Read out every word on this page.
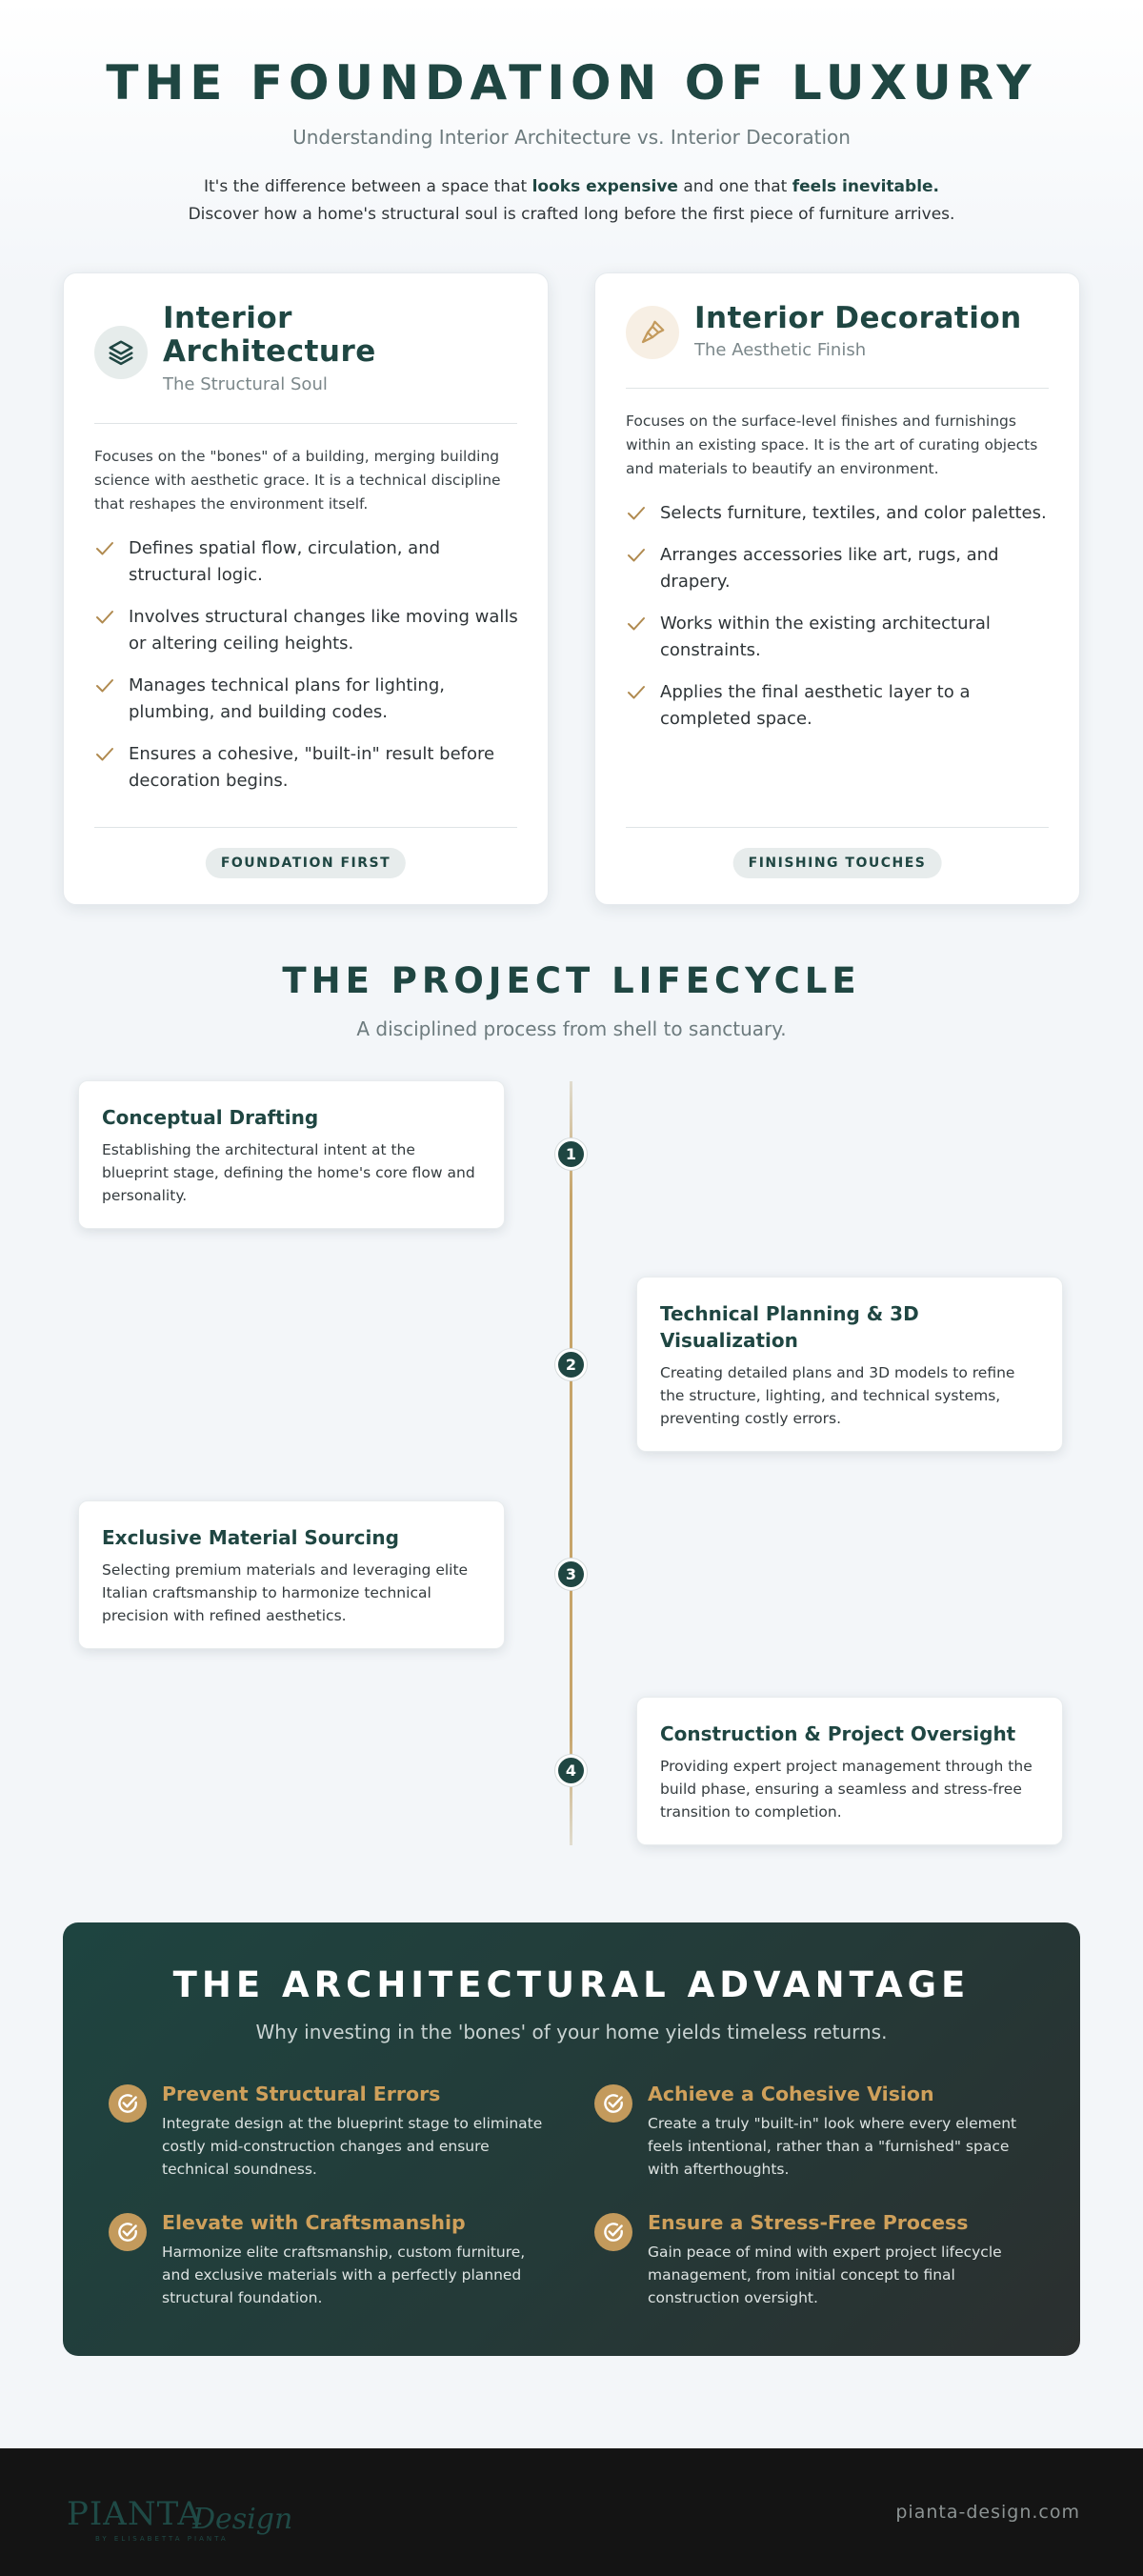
THE FOUNDATION OF LUXURY

Understanding Interior Architecture vs. Interior Decoration

It's the difference between a space that looks expensive and one that feels inevitable.
Discover how a home's structural soul is crafted long before the first piece of furniture arrives.

Interior
Architecture
The Structural Soul

Focuses on the "bones" of a building, merging building science with aesthetic grace. It is a technical discipline that reshapes the environment itself.

Defines spatial flow, circulation, and structural logic.
Involves structural changes like moving walls or altering ceiling heights.
Manages technical plans for lighting, plumbing, and building codes.
Ensures a cohesive, "built-in" result before decoration begins.
FOUNDATION FIRST
Interior Decoration
The Aesthetic Finish

Focuses on the surface-level finishes and furnishings within an existing space. It is the art of curating objects and materials to beautify an environment.

Selects furniture, textiles, and color palettes.
Arranges accessories like art, rugs, and drapery.
Works within the existing architectural constraints.
Applies the final aesthetic layer to a completed space.
FINISHING TOUCHES
THE PROJECT LIFECYCLE

A disciplined process from shell to sanctuary.

Conceptual Drafting
Establishing the architectural intent at the blueprint stage, defining the home's core flow and personality.
1
Technical Planning & 3D Visualization
Creating detailed plans and 3D models to refine the structure, lighting, and technical systems, preventing costly errors.
2
Exclusive Material Sourcing
Selecting premium materials and leveraging elite Italian craftsmanship to harmonize technical precision with refined aesthetics.
3
Construction & Project Oversight
Providing expert project management through the build phase, ensuring a seamless and stress-free transition to completion.
4
THE ARCHITECTURAL ADVANTAGE

Why investing in the 'bones' of your home yields timeless returns.

Prevent Structural Errors
Integrate design at the blueprint stage to eliminate costly mid-construction changes and ensure technical soundness.
Achieve a Cohesive Vision
Create a truly "built-in" look where every element feels intentional, rather than a "furnished" space with afterthoughts.
Elevate with Craftsmanship
Harmonize elite craftsmanship, custom furniture, and exclusive materials with a perfectly planned structural foundation.
Ensure a Stress-Free Process
Gain peace of mind with expert project lifecycle management, from initial concept to final construction oversight.
PIANTA
Design
BY ELISABETTA PIANTA
pianta-design.com
